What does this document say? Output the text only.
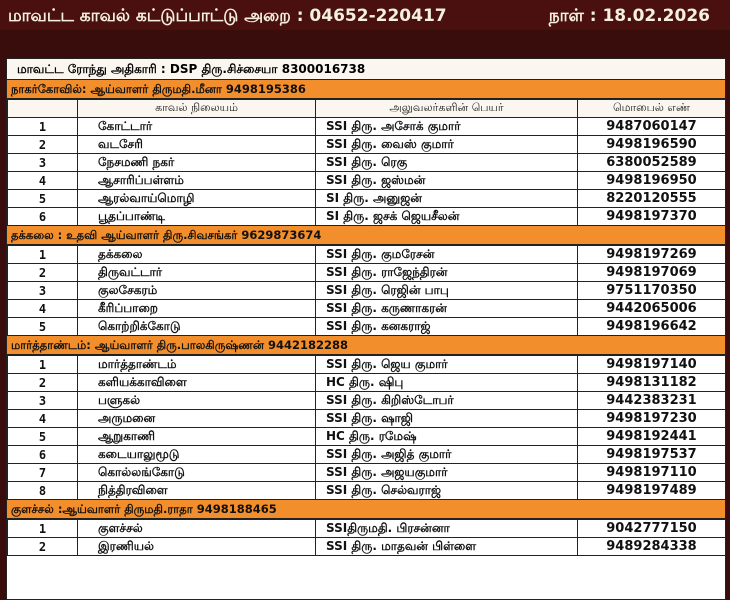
மாவட்ட காவல் கட்டுப்பாட்டு அறை : 04652-220417	நாள் : 18.02.2026
மாவட்ட ரோந்து அதிகாரி : DSP திரு.சிச்சையா 8300016738
நாகர்கோவில்: ஆய்வாளர் திருமதி.மீனா 9498195386
	காவல் நிலையம்	அலுவலர்களின் பெயர்	மொபைல் எண்
1	கோட்டார்	SSI திரு. அசோக் குமார்	9487060147
2	வடசேரி	SSI திரு. வைஸ் குமார்	9498196590
3	நேசமணி நகர்	SSI திரு. ரெகு	6380052589
4	ஆசாரிப்பள்ளம்	SSI திரு. ஜஸ்மன்	9498196950
5	ஆரல்வாய்மொழி	SI திரு. அனுஜன்	8220120555
6	பூதப்பாண்டி	SI திரு. ஜசக் ஜெயசீலன்	9498197370
தக்கலை : உதவி ஆய்வாளர் திரு.சிவசங்கர் 9629873674
1	தக்கலை	SSI திரு. குமரேசன்	9498197269
2	திருவட்டார்	SSI திரு. ராஜேந்திரன்	9498197069
3	குலசேகரம்	SSI திரு. ரெஜின் பாபு	9751170350
4	கீரிப்பாறை	SSI திரு. கருணாகரன்	9442065006
5	கொற்றிக்கோடு	SSI திரு. கனகராஜ்	9498196642
மார்த்தாண்டம்: ஆய்வாளர் திரு.பாலகிருஷ்ணன் 9442182288
1	மார்த்தாண்டம்	SSI திரு. ஜெய குமார்	9498197140
2	களியக்காவிளை	HC திரு. ஷிபு	9498131182
3	பளுகல்	SSI திரு. கிறிஸ்டோபர்	9442383231
4	அருமனை	SSI திரு. ஷாஜி	9498197230
5	ஆறுகாணி	HC திரு. ரமேஷ்	9498192441
6	கடையாலுமூடு	SSI திரு. அஜித் குமார்	9498197537
7	கொல்லங்கோடு	SSI திரு. அஜயகுமார்	9498197110
8	நித்திரவிளை	SSI திரு. செல்வராஜ்	9498197489
குளச்சல் :ஆய்வாளர் திருமதி.ராதா 9498188465
1	குளச்சல்	SSIதிருமதி. பிரசன்னா	9042777150
2	இரணியல்	SSI திரு. மாதவன் பிள்ளை	9489284338
